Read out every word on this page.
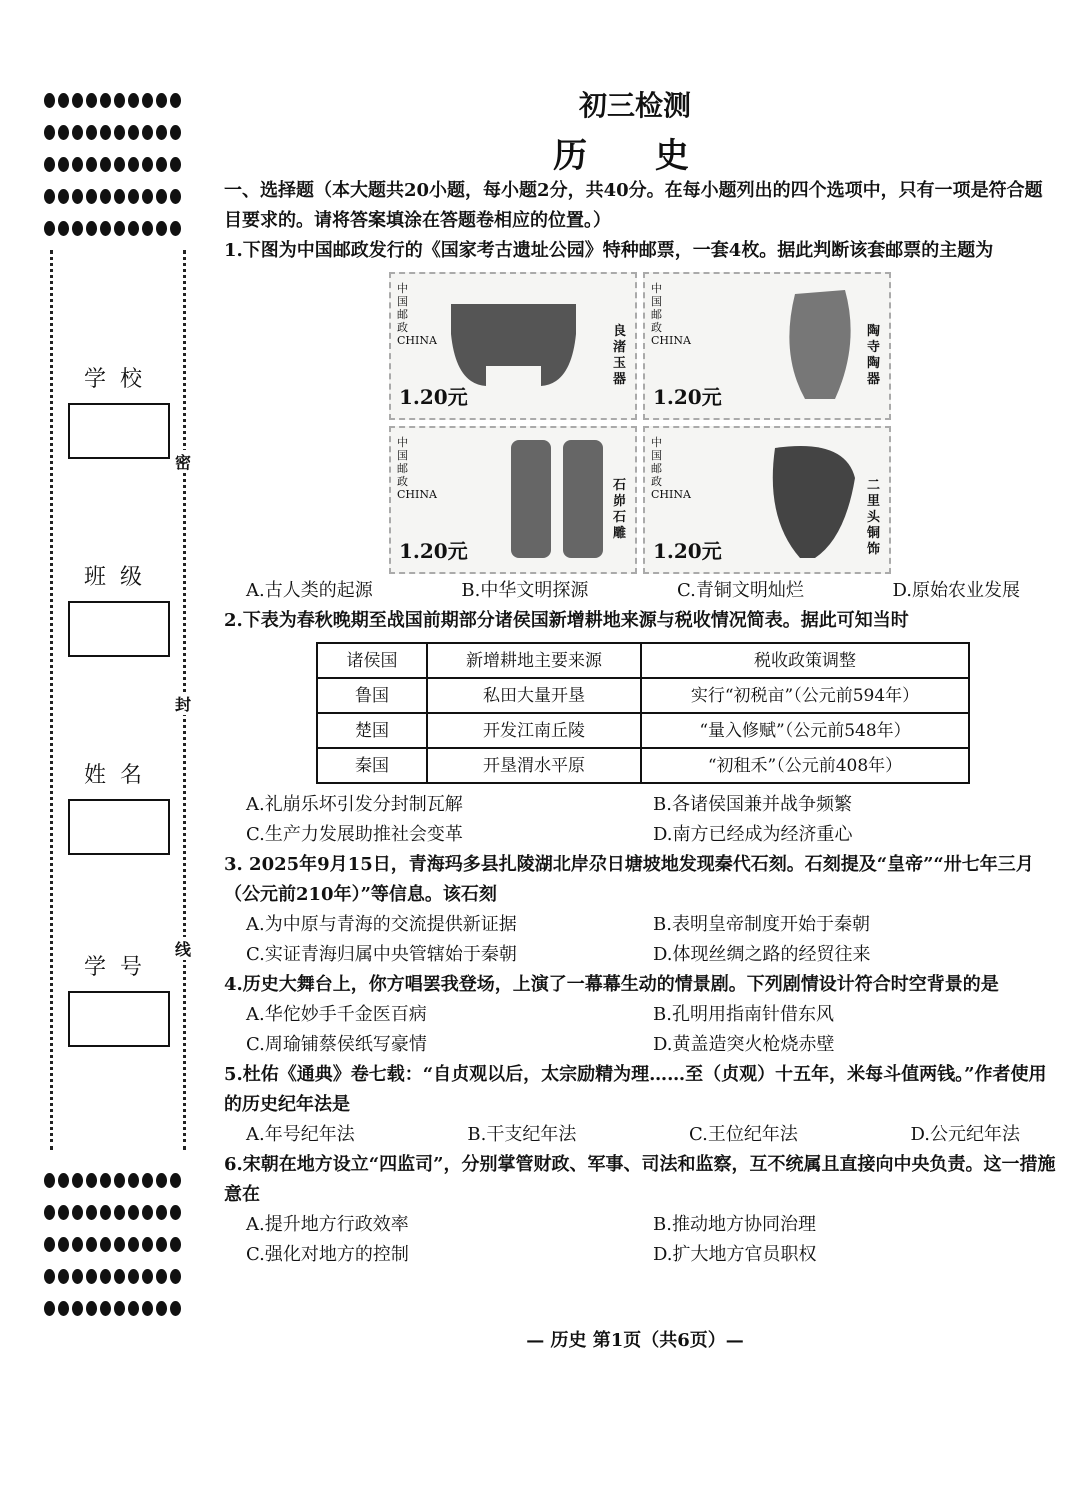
密
封
线
学校
班级
姓名
学号
初三检测
历 史
一、选择题（本大题共20小题，每小题2分，共40分。在每小题列出的四个选项中，只有一项是符合题目要求的。请将答案填涂在答题卷相应的位置。）
1.下图为中国邮政发行的《国家考古遗址公园》特种邮票，一套4枚。据此判断该套邮票的主题为
中国邮政 CHINA
1.20元
良渚玉器
中国邮政 CHINA
1.20元
陶寺陶器
中国邮政 CHINA
1.20元
石峁石雕
中国邮政 CHINA
1.20元
二里头铜饰
A.古人类的起源	B.中华文明探源	C.青铜文明灿烂	D.原始农业发展
2.下表为春秋晚期至战国前期部分诸侯国新增耕地来源与税收情况简表。据此可知当时
诸侯国	新增耕地主要来源	税收政策调整
鲁国	私田大量开垦	实行“初税亩”（公元前594年）
楚国	开发江南丘陵	“量入修赋”（公元前548年）
秦国	开垦渭水平原	“初租禾”（公元前408年）
A.礼崩乐坏引发分封制瓦解	B.各诸侯国兼并战争频繁
C.生产力发展助推社会变革	D.南方已经成为经济重心
3. 2025年9月15日，青海玛多县扎陵湖北岸尕日塘坡地发现秦代石刻。石刻提及“皇帝”“卅七年三月（公元前210年）”等信息。该石刻
A.为中原与青海的交流提供新证据	B.表明皇帝制度开始于秦朝
C.实证青海归属中央管辖始于秦朝	D.体现丝绸之路的经贸往来
4.历史大舞台上，你方唱罢我登场，上演了一幕幕生动的情景剧。下列剧情设计符合时空背景的是
A.华佗妙手千金医百病	B.孔明用指南针借东风
C.周瑜铺蔡侯纸写豪情	D.黄盖造突火枪烧赤壁
5.杜佑《通典》卷七载：“自贞观以后，太宗励精为理……至（贞观）十五年，米每斗值两钱。”作者使用的历史纪年法是
A.年号纪年法	B.干支纪年法	C.王位纪年法	D.公元纪年法
6.宋朝在地方设立“四监司”，分别掌管财政、军事、司法和监察，互不统属且直接向中央负责。这一措施意在
A.提升地方行政效率	B.推动地方协同治理
C.强化对地方的控制	D.扩大地方官员职权
— 历史 第1页（共6页）—
